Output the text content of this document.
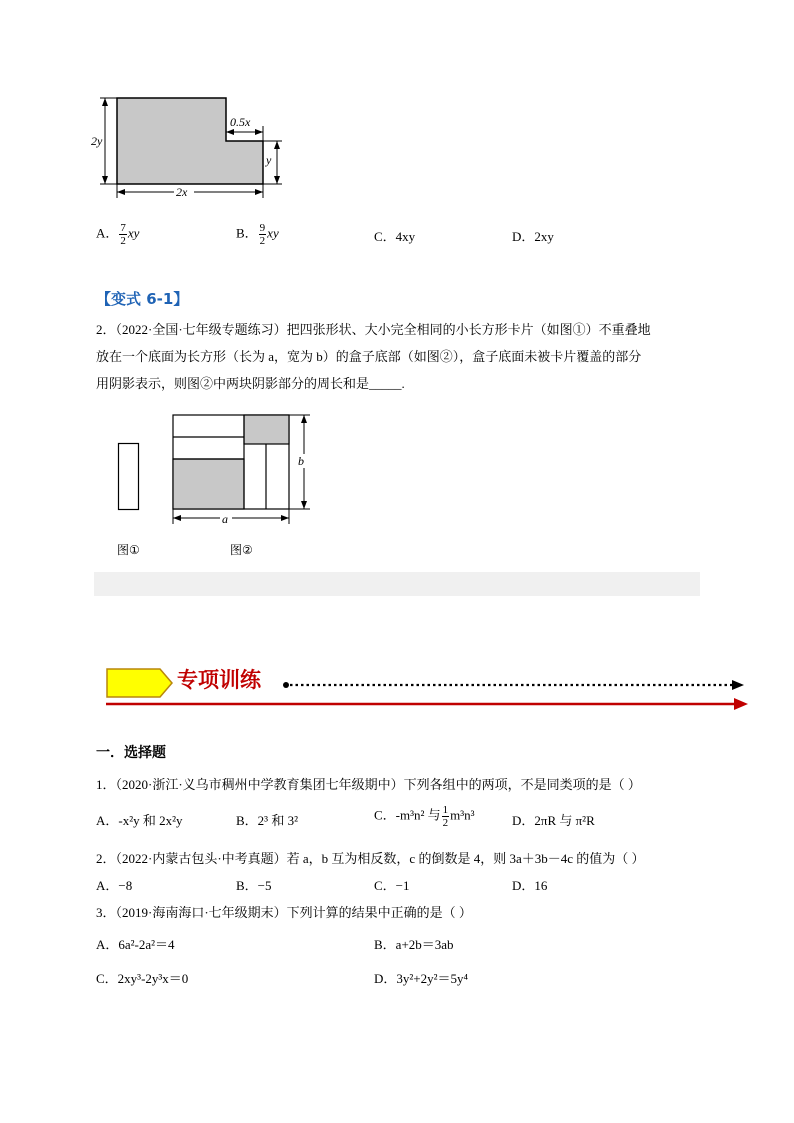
2x
2y
0.5x
y
A． $\frac{7}{2}$ xy	B． $\frac{9}{2}$ xy	C．4xy	D．2xy
【变式 6-1】
2．（2022·全国·七年级专题练习）把四张形状、大小完全相同的小长方形卡片（如图①）不重叠地
放在一个底面为长方形（长为 a，宽为 b）的盒子底部（如图②），盒子底面未被卡片覆盖的部分
用阴影表示，则图②中两块阴影部分的周长和是_____.
图①
a
b
图②
专项训练
一．选择题
1．（2020·浙江·义乌市稠州中学教育集团七年级期中）下列各组中的两项，不是同类项的是（ ）
A．-x²y 和 2x²y	B．2³ 和 3²	C．-m³n² 与 $\frac{1}{2} m^3n^3$	D．2πR 与 π²R
2．（2022·内蒙古包头·中考真题）若 a，b 互为相反数，c 的倒数是 4，则 3a＋3b－4c 的值为（ ）
A．−8	B．−5	C．−1	D．16
3．（2019·海南海口·七年级期末）下列计算的结果中正确的是（ ）
A．6a²-2a²＝4	B．a+2b＝3ab
C．2xy³-2y³x＝0	D．3y²+2y²＝5y⁴
